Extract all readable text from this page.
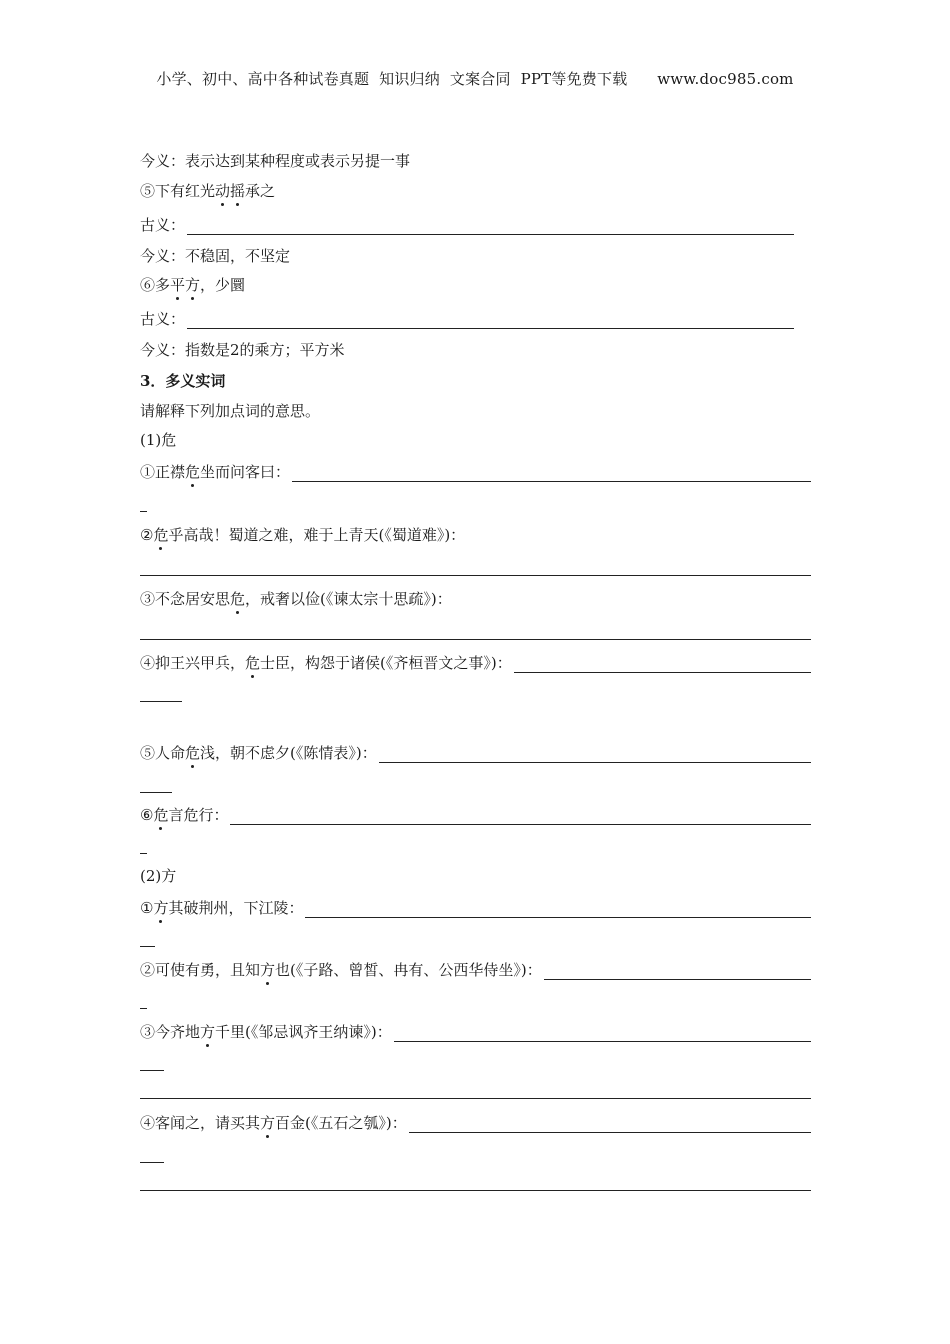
小学、初中、高中各种试卷真题  知识归纳  文案合同  PPT等免费下载      www.doc985.com
今义：表示达到某种程度或表示另提一事
⑤下有红光动摇承之
古义：
今义：不稳固，不坚定
⑥多平方，少圜
古义：
今义：指数是2的乘方；平方米
3．多义实词
请解释下列加点词的意思。
(1)危
①正襟 危 坐而问客曰：
②危乎高哉！蜀道之难，难于上青天(《蜀道难》)：
③不念居安思危，戒奢以俭(《谏太宗十思疏》)：
④抑王兴甲兵， 危 士臣，构怨于诸侯(《齐桓晋文之事》)：
⑤人命 危 浅，朝不虑夕(《陈情表》)：
⑥ 危 言危行：
(2)方
① 方 其破荆州，下江陵：
②可使有勇，且知 方 也(《子路、曾皙、冉有、公西华侍坐》)：
③今齐地 方 千里(《邹忌讽齐王纳谏》)：
④客闻之，请买其 方 百金(《五石之瓠》)：
